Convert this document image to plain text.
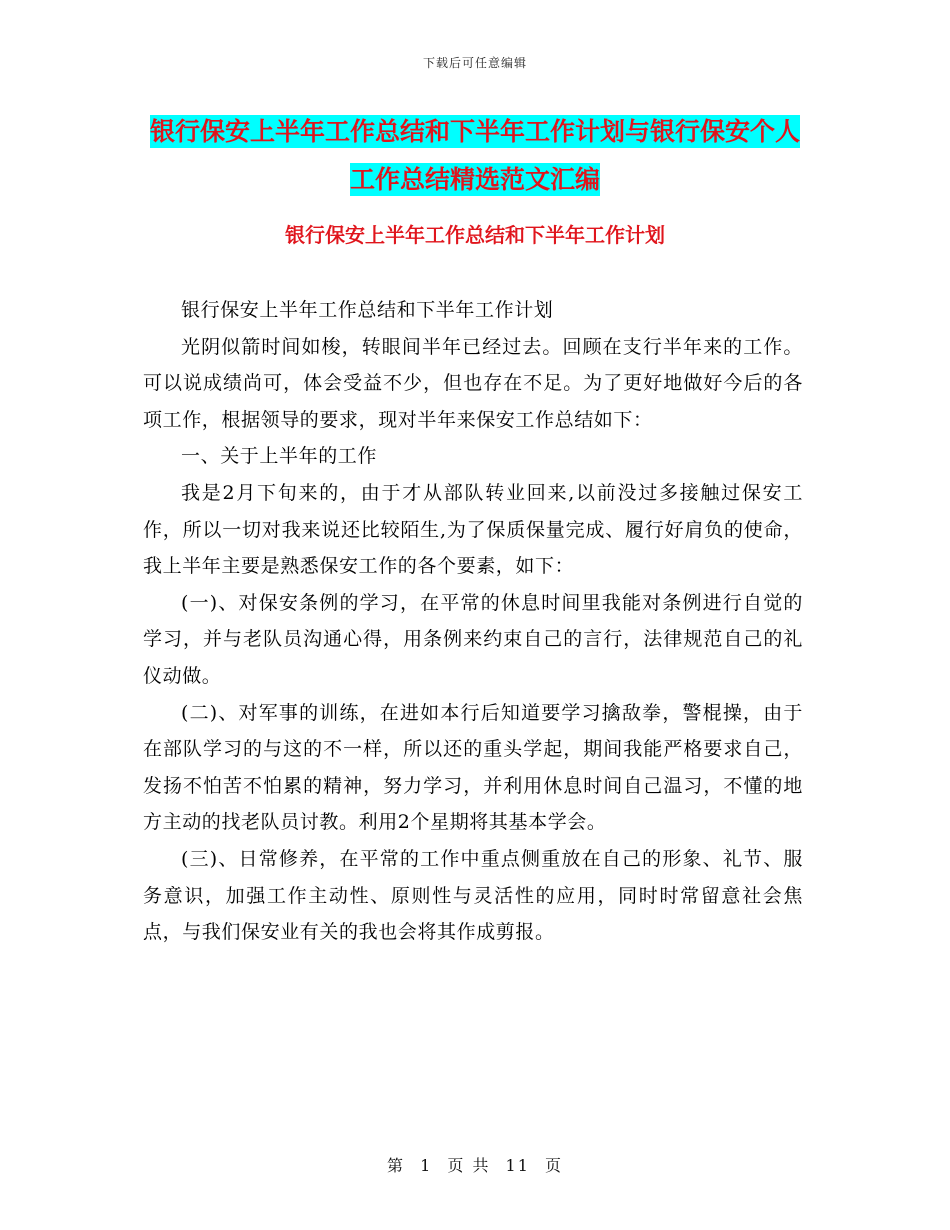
下载后可任意编辑
银行保安上半年工作总结和下半年工作计划与银行保安个人工作总结精选范文汇编
银行保安上半年工作总结和下半年工作计划

银行保安上半年工作总结和下半年工作计划

光阴似箭时间如梭，转眼间半年已经过去。回顾在支行半年来的工作。可以说成绩尚可，体会受益不少，但也存在不足。为了更好地做好今后的各项工作，根据领导的要求，现对半年来保安工作总结如下：

一、关于上半年的工作

我是2月下旬来的，由于才从部队转业回来,以前没过多接触过保安工作，所以一切对我来说还比较陌生,为了保质保量完成、履行好肩负的使命，我上半年主要是熟悉保安工作的各个要素，如下：

(一)、对保安条例的学习，在平常的休息时间里我能对条例进行自觉的学习，并与老队员沟通心得，用条例来约束自己的言行，法律规范自己的礼仪动做。

(二)、对军事的训练，在进如本行后知道要学习擒敌拳，警棍操，由于在部队学习的与这的不一样，所以还的重头学起，期间我能严格要求自己，发扬不怕苦不怕累的精神，努力学习，并利用休息时间自己温习，不懂的地方主动的找老队员讨教。利用2个星期将其基本学会。

(三)、日常修养，在平常的工作中重点侧重放在自己的形象、礼节、服务意识，加强工作主动性、原则性与灵活性的应用，同时时常留意社会焦点，与我们保安业有关的我也会将其作成剪报。

第 1 页 共 11 页
